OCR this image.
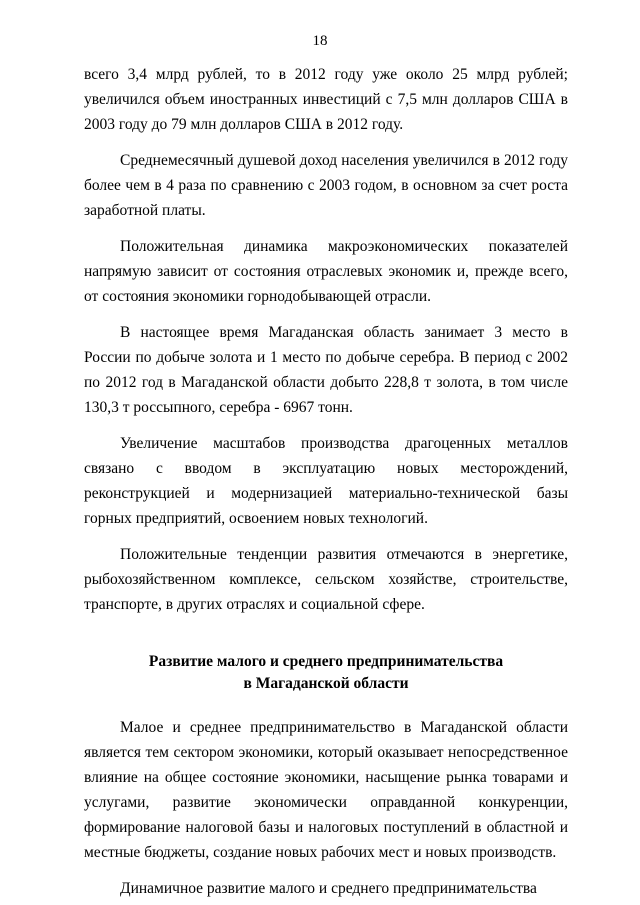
18

всего 3,4 млрд рублей, то в 2012 году уже около 25 млрд рублей; увеличился объем иностранных инвестиций с 7,5 млн долларов США в 2003 году до 79 млн долларов США в 2012 году.

Среднемесячный душевой доход населения увеличился в 2012 году более чем в 4 раза по сравнению с 2003 годом, в основном за счет роста заработной платы.

Положительная динамика макроэкономических показателей напрямую зависит от состояния отраслевых экономик и, прежде всего, от состояния экономики горнодобывающей отрасли.

В настоящее время Магаданская область занимает 3 место в России по добыче золота и 1 место по добыче серебра. В период с 2002 по 2012 год в Магаданской области добыто 228,8 т золота, в том числе 130,3 т россыпного, серебра - 6967 тонн.

Увеличение масштабов производства драгоценных металлов связано с вводом в эксплуатацию новых месторождений, реконструкцией и модернизацией материально-технической базы горных предприятий, освоением новых технологий.

Положительные тенденции развития отмечаются в энергетике, рыбохозяйственном комплексе, сельском хозяйстве, строительстве, транспорте, в других отраслях и социальной сфере.

Развитие малого и среднего предпринимательства
в Магаданской области

Малое и среднее предпринимательство в Магаданской области является тем сектором экономики, который оказывает непосредственное влияние на общее состояние экономики, насыщение рынка товарами и услугами, развитие экономически оправданной конкуренции, формирование налоговой базы и налоговых поступлений в областной и местные бюджеты, создание новых рабочих мест и новых производств.

Динамичное развитие малого и среднего предпринимательства
